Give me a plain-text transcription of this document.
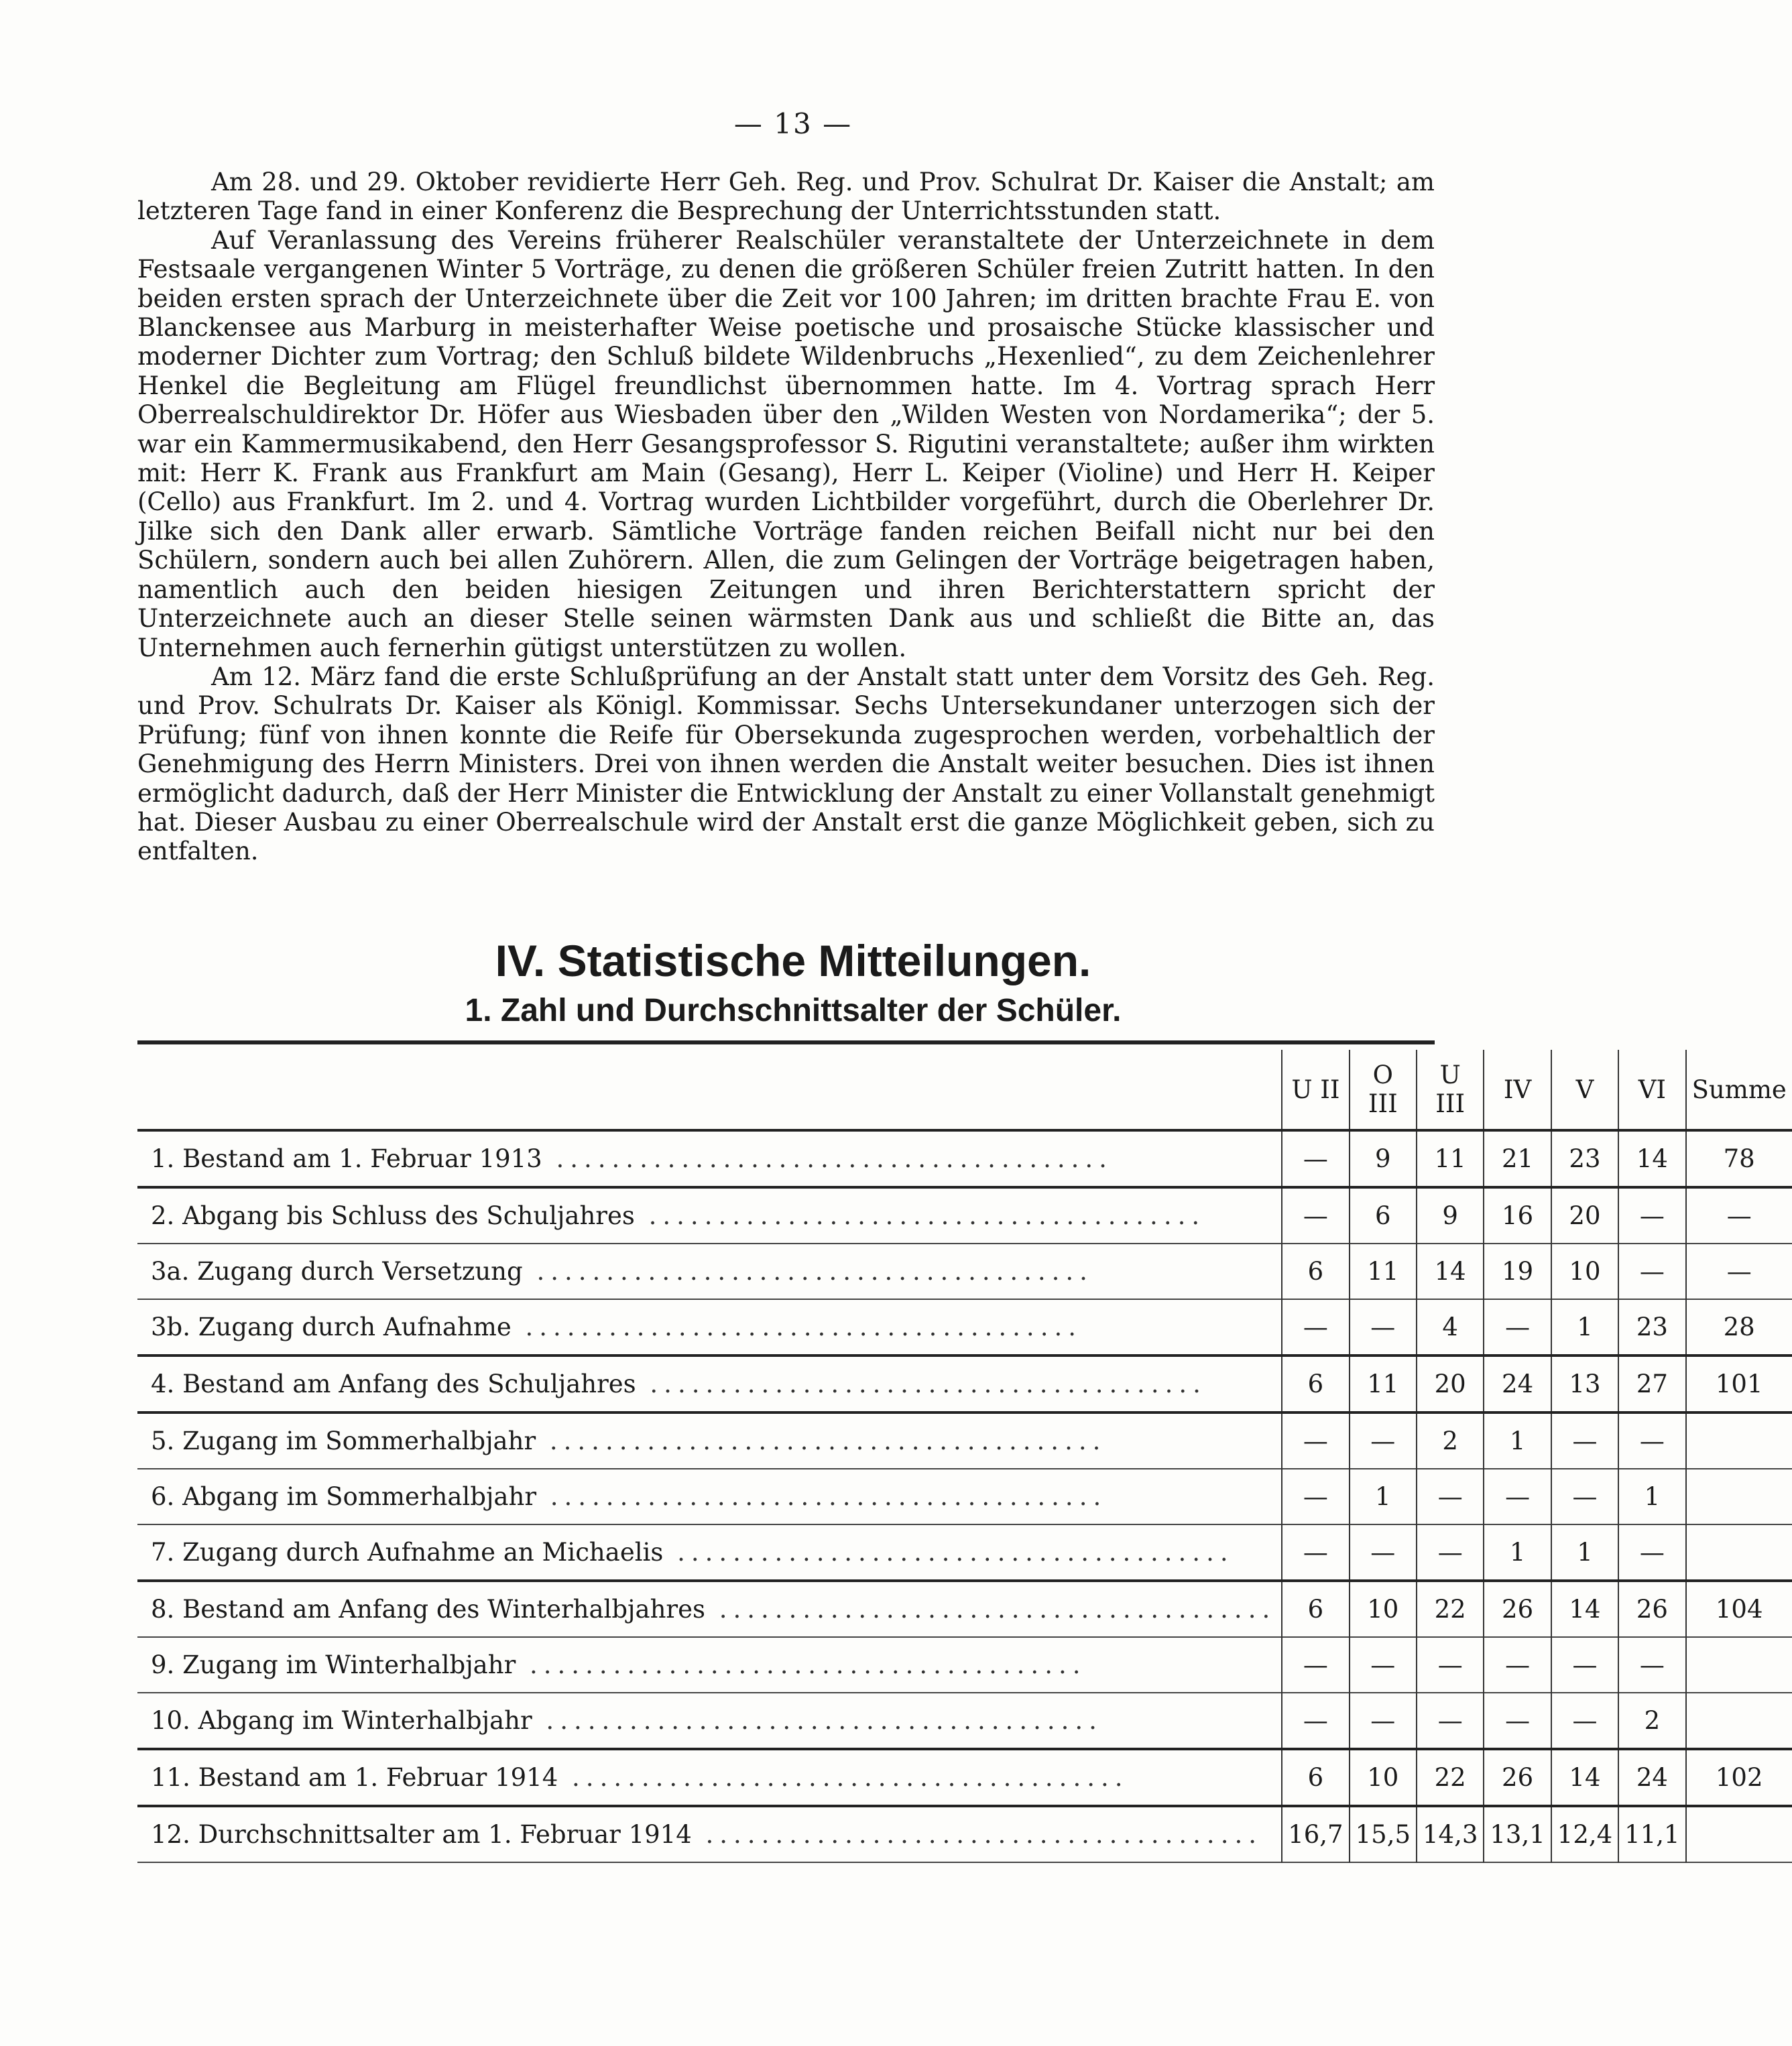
— 13 —

Am 28. und 29. Oktober revidierte Herr Geh. Reg. und Prov. Schulrat Dr. Kaiser die Anstalt; am letzteren Tage fand in einer Konferenz die Besprechung der Unterrichtsstunden statt.

Auf Veranlassung des Vereins früherer Realschüler veranstaltete der Unterzeichnete in dem Festsaale vergangenen Winter 5 Vorträge, zu denen die größeren Schüler freien Zutritt hatten. In den beiden ersten sprach der Unterzeichnete über die Zeit vor 100 Jahren; im dritten brachte Frau E. von Blanckensee aus Marburg in meisterhafter Weise poetische und prosaische Stücke klassischer und moderner Dichter zum Vortrag; den Schluß bildete Wildenbruchs „Hexenlied“, zu dem Zeichenlehrer Henkel die Begleitung am Flügel freundlichst übernommen hatte. Im 4. Vortrag sprach Herr Oberrealschuldirektor Dr. Höfer aus Wiesbaden über den „Wilden Westen von Nordamerika“; der 5. war ein Kammermusikabend, den Herr Gesangsprofessor S. Rigutini veranstaltete; außer ihm wirkten mit: Herr K. Frank aus Frankfurt am Main (Gesang), Herr L. Keiper (Violine) und Herr H. Keiper (Cello) aus Frankfurt. Im 2. und 4. Vortrag wurden Lichtbilder vorgeführt, durch die Oberlehrer Dr. Jilke sich den Dank aller erwarb. Sämtliche Vorträge fanden reichen Beifall nicht nur bei den Schülern, sondern auch bei allen Zuhörern. Allen, die zum Gelingen der Vorträge beigetragen haben, namentlich auch den beiden hiesigen Zeitungen und ihren Berichterstattern spricht der Unterzeichnete auch an dieser Stelle seinen wärmsten Dank aus und schließt die Bitte an, das Unternehmen auch fernerhin gütigst unterstützen zu wollen.

Am 12. März fand die erste Schlußprüfung an der Anstalt statt unter dem Vorsitz des Geh. Reg. und Prov. Schulrats Dr. Kaiser als Königl. Kommissar. Sechs Untersekundaner unterzogen sich der Prüfung; fünf von ihnen konnte die Reife für Obersekunda zugesprochen werden, vorbehaltlich der Genehmigung des Herrn Ministers. Drei von ihnen werden die Anstalt weiter besuchen. Dies ist ihnen ermöglicht dadurch, daß der Herr Minister die Entwicklung der Anstalt zu einer Vollanstalt genehmigt hat. Dieser Ausbau zu einer Oberrealschule wird der Anstalt erst die ganze Möglichkeit geben, sich zu entfalten.

IV. Statistische Mitteilungen.
1. Zahl und Durchschnittsalter der Schüler.
	U II	O III	U III	IV	V	VI	Summe
1. Bestand am 1. Februar 1913 ........................................	—	9	11	21	23	14	78
2. Abgang bis Schluss des Schuljahres ........................................	—	6	9	16	20	—	—
3a. Zugang durch Versetzung ........................................	6	11	14	19	10	—	—
3b. Zugang durch Aufnahme ........................................	—	—	4	—	1	23	28
4. Bestand am Anfang des Schuljahres ........................................	6	11	20	24	13	27	101
5. Zugang im Sommerhalbjahr ........................................	—	—	2	1	—	—	
6. Abgang im Sommerhalbjahr ........................................	—	1	—	—	—	1	
7. Zugang durch Aufnahme an Michaelis ........................................	—	—	—	1	1	—	
8. Bestand am Anfang des Winterhalbjahres ........................................	6	10	22	26	14	26	104
9. Zugang im Winterhalbjahr ........................................	—	—	—	—	—	—	
10. Abgang im Winterhalbjahr ........................................	—	—	—	—	—	2	
11. Bestand am 1. Februar 1914 ........................................	6	10	22	26	14	24	102
12. Durchschnittsalter am 1. Februar 1914 ........................................	16,7	15,5	14,3	13,1	12,4	11,1	
